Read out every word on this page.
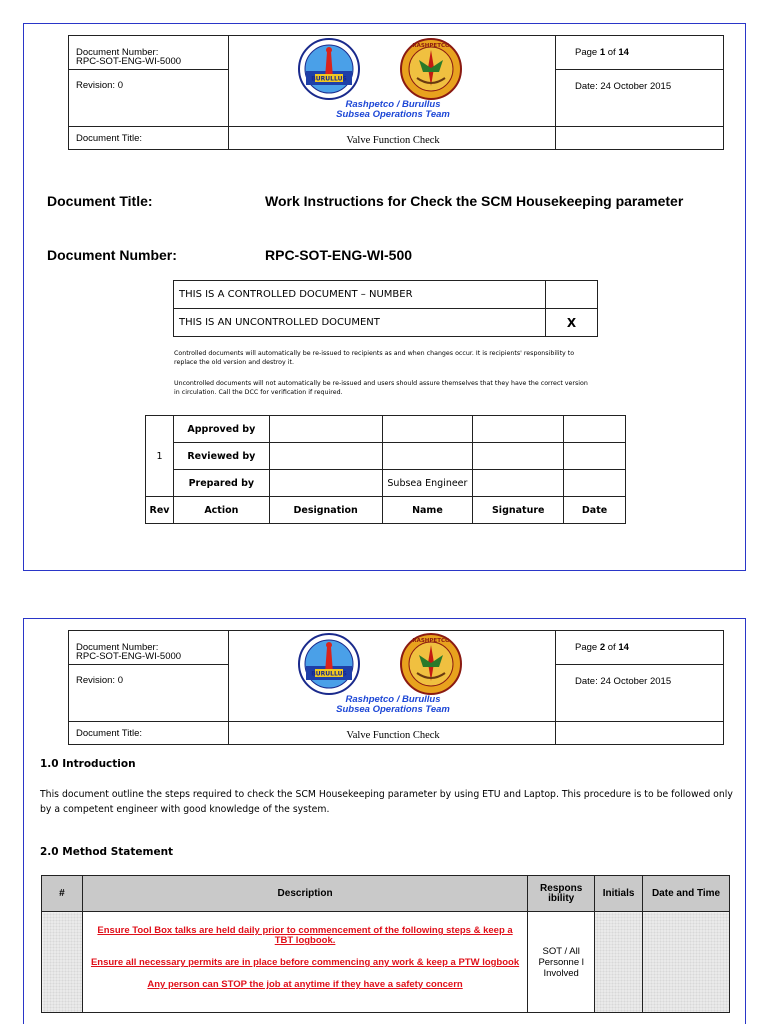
Document Number:
RPC-SOT-ENG-WI-5000
Revision: 0
Document Title:
Page 1 of 14
Date: 24 October 2015
Rashpetco / Burullus
Subsea Operations Team
Valve Function Check
BURULLUS
RASHPETCO
Document Title:	Work Instructions for Check the SCM Housekeeping parameter
Document Number:	RPC-SOT-ENG-WI-500
THIS IS A CONTROLLED DOCUMENT – NUMBER	
THIS IS AN UNCONTROLLED DOCUMENT	X
Controlled documents will automatically be re-issued to recipients as and when changes occur. It is recipients' responsibility to replace the old version and destroy it.
Uncontrolled documents will not automatically be re-issued and users should assure themselves that they have the correct version in circulation. Call the DCC for verification if required.
1	Approved by				
	Reviewed by				
	Prepared by		Subsea Engineer		
Rev	Action	Designation	Name	Signature	Date
Document Number:
RPC-SOT-ENG-WI-5000
Revision: 0
Document Title:
Page 2 of 14
Date: 24 October 2015
Rashpetco / Burullus
Subsea Operations Team
Valve Function Check
BURULLUS
RASHPETCO
1.0 Introduction
This document outline the steps required to check the SCM Housekeeping parameter by using ETU and Laptop. This procedure is to be followed only by a competent engineer with good knowledge of the system.
2.0 Method Statement
#	Description	Respons ibility	Initials	Date and Time

	Ensure Tool Box talks are held daily prior to commencement of the following steps & keep a TBT logbook.
Ensure all necessary permits are in place before commencing any work & keep a PTW logbook
Any person can STOP the job at anytime if they have a safety concern	SOT / All Personne l Involved		
